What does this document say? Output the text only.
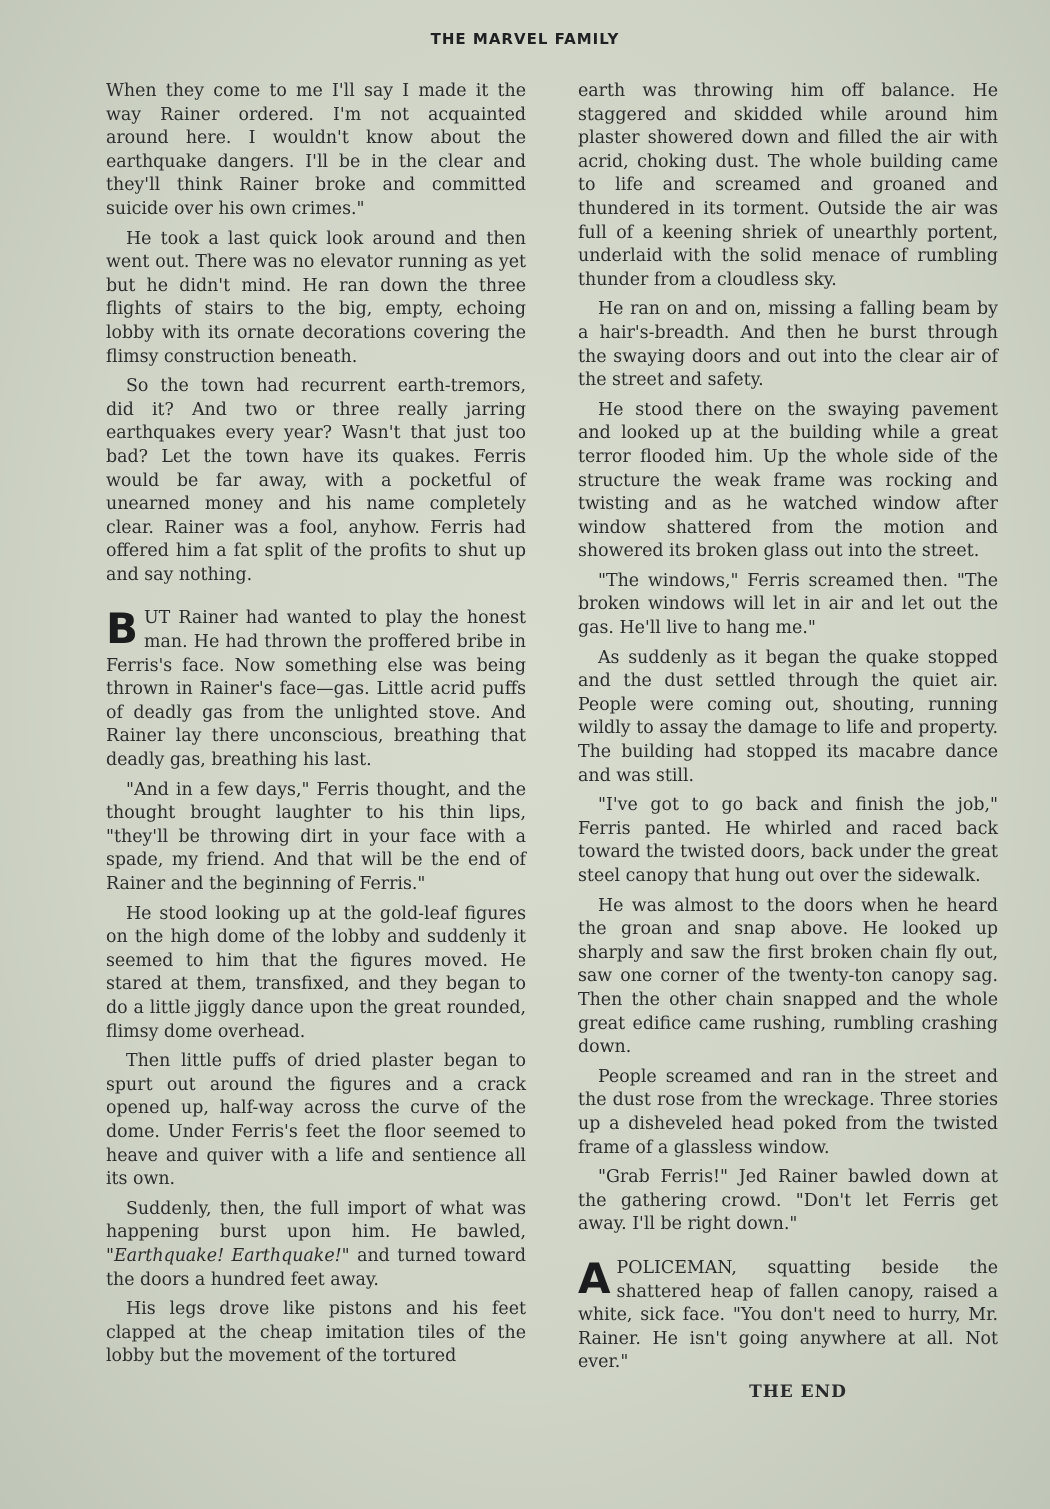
THE MARVEL FAMILY

When they come to me I'll say I made it the way Rainer ordered. I'm not acquainted around here. I wouldn't know about the earthquake dangers. I'll be in the clear and they'll think Rainer broke and committed suicide over his own crimes."

He took a last quick look around and then went out. There was no elevator running as yet but he didn't mind. He ran down the three flights of stairs to the big, empty, echoing lobby with its ornate decorations covering the flimsy construction beneath.

So the town had recurrent earth-tremors, did it? And two or three really jarring earthquakes every year? Wasn't that just too bad? Let the town have its quakes. Ferris would be far away, with a pocketful of unearned money and his name completely clear. Rainer was a fool, anyhow. Ferris had offered him a fat split of the profits to shut up and say nothing.

BUT Rainer had wanted to play the honest man. He had thrown the proffered bribe in Ferris's face. Now something else was being thrown in Rainer's face—gas. Little acrid puffs of deadly gas from the unlighted stove. And Rainer lay there unconscious, breathing that deadly gas, breathing his last.

"And in a few days," Ferris thought, and the thought brought laughter to his thin lips, "they'll be throwing dirt in your face with a spade, my friend. And that will be the end of Rainer and the beginning of Ferris."

He stood looking up at the gold-leaf figures on the high dome of the lobby and suddenly it seemed to him that the figures moved. He stared at them, transfixed, and they began to do a little jiggly dance upon the great rounded, flimsy dome overhead.

Then little puffs of dried plaster began to spurt out around the figures and a crack opened up, half-way across the curve of the dome. Under Ferris's feet the floor seemed to heave and quiver with a life and sentience all its own.

Suddenly, then, the full import of what was happening burst upon him. He bawled, "Earthquake! Earthquake!" and turned toward the doors a hundred feet away.

His legs drove like pistons and his feet clapped at the cheap imitation tiles of the lobby but the movement of the tortured

earth was throwing him off balance. He staggered and skidded while around him plaster showered down and filled the air with acrid, choking dust. The whole building came to life and screamed and groaned and thundered in its torment. Outside the air was full of a keening shriek of unearthly portent, underlaid with the solid menace of rumbling thunder from a cloudless sky.

He ran on and on, missing a falling beam by a hair's-breadth. And then he burst through the swaying doors and out into the clear air of the street and safety.

He stood there on the swaying pavement and looked up at the building while a great terror flooded him. Up the whole side of the structure the weak frame was rocking and twisting and as he watched window after window shattered from the motion and showered its broken glass out into the street.

"The windows," Ferris screamed then. "The broken windows will let in air and let out the gas. He'll live to hang me."

As suddenly as it began the quake stopped and the dust settled through the quiet air. People were coming out, shouting, running wildly to assay the damage to life and property. The building had stopped its macabre dance and was still.

"I've got to go back and finish the job," Ferris panted. He whirled and raced back toward the twisted doors, back under the great steel canopy that hung out over the sidewalk.

He was almost to the doors when he heard the groan and snap above. He looked up sharply and saw the first broken chain fly out, saw one corner of the twenty-ton canopy sag. Then the other chain snapped and the whole great edifice came rushing, rumbling crashing down.

People screamed and ran in the street and the dust rose from the wreckage. Three stories up a disheveled head poked from the twisted frame of a glassless window.

"Grab Ferris!" Jed Rainer bawled down at the gathering crowd. "Don't let Ferris get away. I'll be right down."

APOLICEMAN, squatting beside the shattered heap of fallen canopy, raised a white, sick face. "You don't need to hurry, Mr. Rainer. He isn't going anywhere at all. Not ever."

THE END
